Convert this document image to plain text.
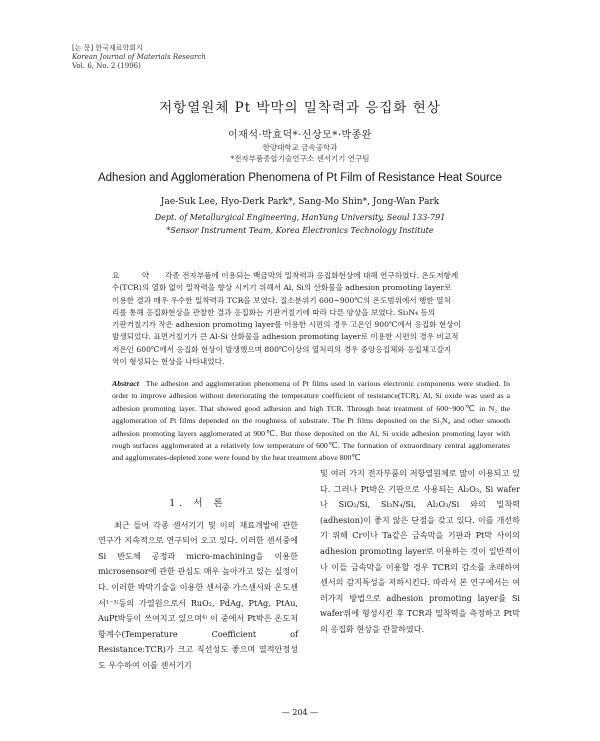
[논 문] 한국재료학회지
Korean Journal of Materials Research
Vol. 6, No. 2 (1996)
저항열원체 Pt 박막의 밀착력과 응집화 현상
이재석·박효덕*·신상모*·박종완
한양대학교 금속공학과
*전자부품종합기술연구소 센서기기 연구팀
Adhesion and Agglomeration Phenomena of Pt Film of Resistance Heat Source
Jae-Suk Lee, Hyo-Derk Park*, Sang-Mo Shin*, Jong-Wan Park
Dept. of Metallurgical Engineering, HanYang University, Seoul 133-791
*Sensor Instrument Team, Korea Electronics Technology Institute
요 약 각종 전자부품에 이용되는 백금막의 밀착력과 응집화현상에 대해 연구하였다. 온도저항계
수(TCR)의 열화 없이 밀착력을 향상 시키기 위해서 Al, Si의 산화물을 adhesion promoting layer로
이용한 결과 매우 우수한 밀착력과 TCR을 보였다. 질소분위기 600~900℃의 온도범위에서 행한 열처
리를 통해 응집화현상을 관찰한 결과 응집화는 기판거칠기에 따라 다른 양상을 보였다. Si₃N₄ 등의
기판거칠기가 작은 adhesion promoting layer를 이용한 시편의 경우 고온인 900℃에서 응집화 현상이
발생되었다. 표면거칠기가 큰 Al-Si 산화물을 adhesion promoting layer로 이용한 시편의 경우 비교적
저온인 600℃에서 응집화 현상이 발생했으며 800℃이상의 열처리의 경우 중앙응집체와 응집체고갈지
역이 형성되는 현상을 나타내었다.
Abstract The adhesion and agglomeration phenomena of Pt films used in various electronic components were studied. In order to improve adhesion without deteriorating the temperature coefficient of resistance(TCR), Al, Si oxide was used as a adhesion promoting layer. That showed good adhesion and high TCR. Through heat treatment of 600~900℃ in N₂ the agglomeration of Pt films depended on the roughness of substrate. The Pt films deposited on the Si₃N₄ and other smooth adhesion promoting layers agglomerated at 900℃. But those deposited on the Al, Si oxide adhesion promoting layer with rough surfaces agglomerated at a relatively low temperature of 600℃. The formation of extraordinary central agglomerates and agglomerates-depleted zone were found by the heat treatment above 800℃
1. 서 론
최근 들어 각종 센서기기 및 이의 재료개발에 관한 연구가 지속적으로 연구되어 오고 있다. 이러한 센서중에 Si 반도체 공정과 micro-machining을 이용한 microsensor에 관한 관심도 매우 높아가고 있는 실정이다. 이러한 박막기술을 이용한 센서중 가스센서와 온도센서¹⁻³⁾등의 가열원으로서 RuO₂, PdAg, PtAg, PtAu, AuPt박등이 쓰여지고 있으며⁴⁾ 이 중에서 Pt박은 온도저항계수(Temperature Coefficient of Resistance:TCR)가 크고 직선성도 좋으며 열적안정성도 우수하여 이를 센서기기
및 여러 가지 전자부품의 저항열원체로 많이 이용되고 있다. 그러나 Pt박은 기판으로 사용되는 Al₂O₃, Si wafer나 SiO₂/Si, Si₃N₄/Si, Al₂O₃/Si 와의 밀착력(adhesion)이 좋지 않은 단점을 갖고 있다. 이를 개선하기 위해 Cr이나 Ta같은 금속막을 기판과 Pt막 사이의 adhesion promoting layer로 이용하는 것이 일반적이나 이들 금속막을 이용할 경우 TCR의 감소를 초래하여 센서의 감지특성을 저하시킨다. 따라서 본 연구에서는 여러가지 방법으로 adhesion promoting layer를 Si wafer위에 형성시킨 후 TCR과 밀착력을 측정하고 Pt막의 응집화 현상을 관찰하였다.
— 204 —
